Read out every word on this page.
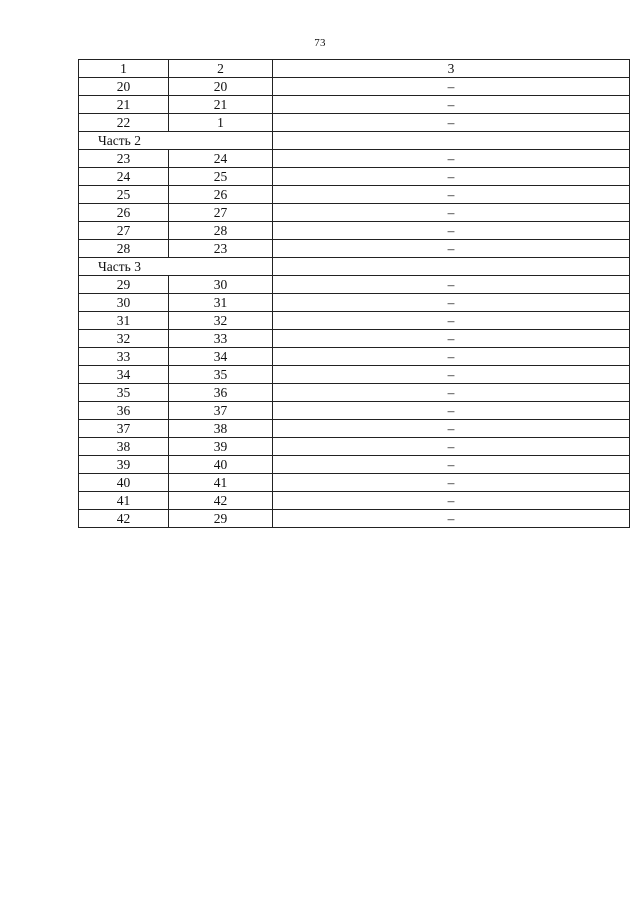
73
1	2	3
20	20	–
21	21	–
22	1	–
Часть 2		
23	24	–
24	25	–
25	26	–
26	27	–
27	28	–
28	23	–
Часть 3		
29	30	–
30	31	–
31	32	–
32	33	–
33	34	–
34	35	–
35	36	–
36	37	–
37	38	–
38	39	–
39	40	–
40	41	–
41	42	–
42	29	–
